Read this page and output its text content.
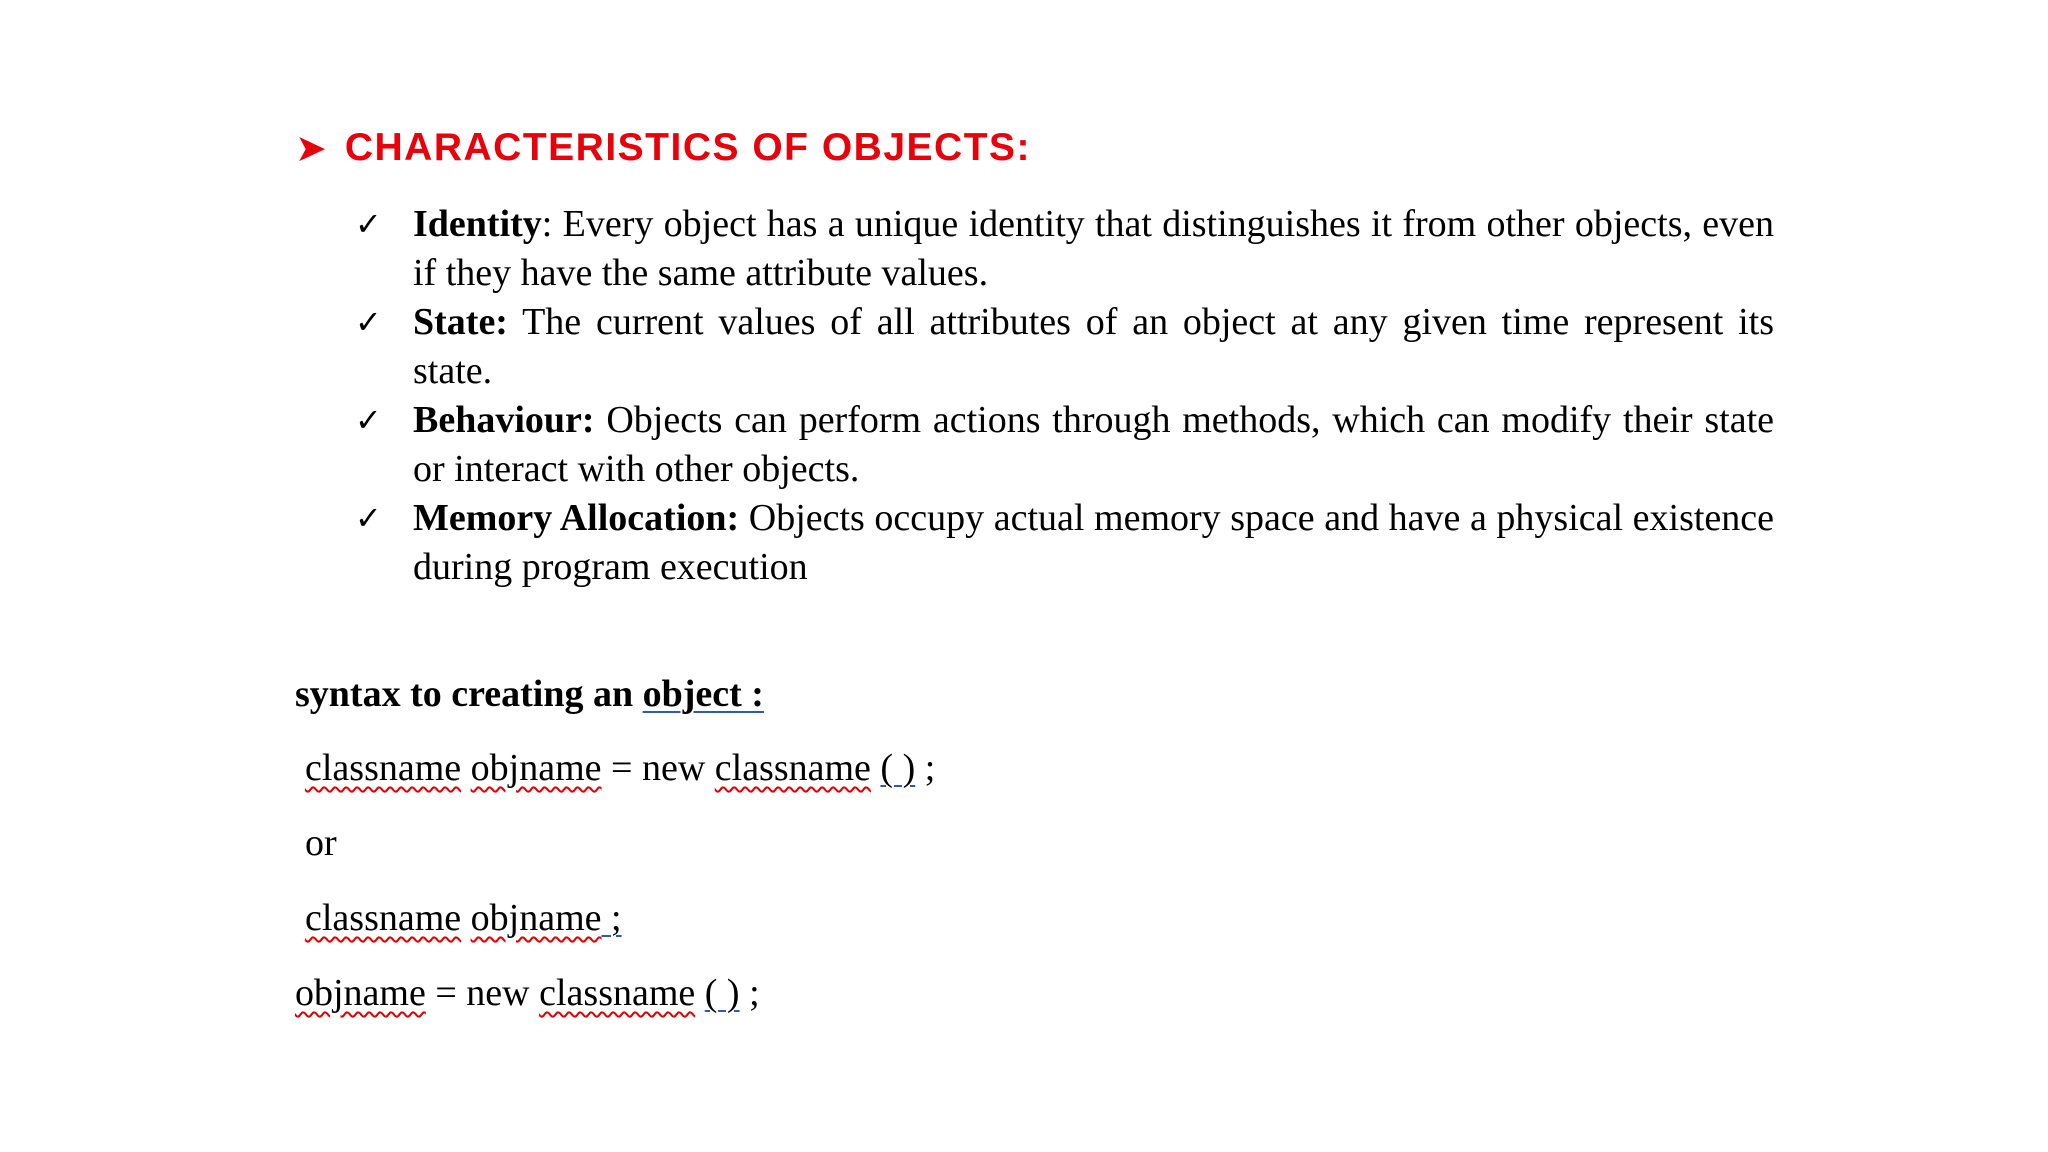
➤ CHARACTERISTICS OF OBJECTS:
✓ Identity: Every object has a unique identity that distinguishes it from other objects, even if they have the same attribute values.
✓ State: The current values of all attributes of an object at any given time represent its state.
✓ Behaviour: Objects can perform actions through methods, which can modify their state or interact with other objects.
✓ Memory Allocation: Objects occupy actual memory space and have a physical existence during program execution
syntax to creating an object :
classname objname = new classname ( ) ;
or
classname objname ;
objname = new classname ( ) ;
